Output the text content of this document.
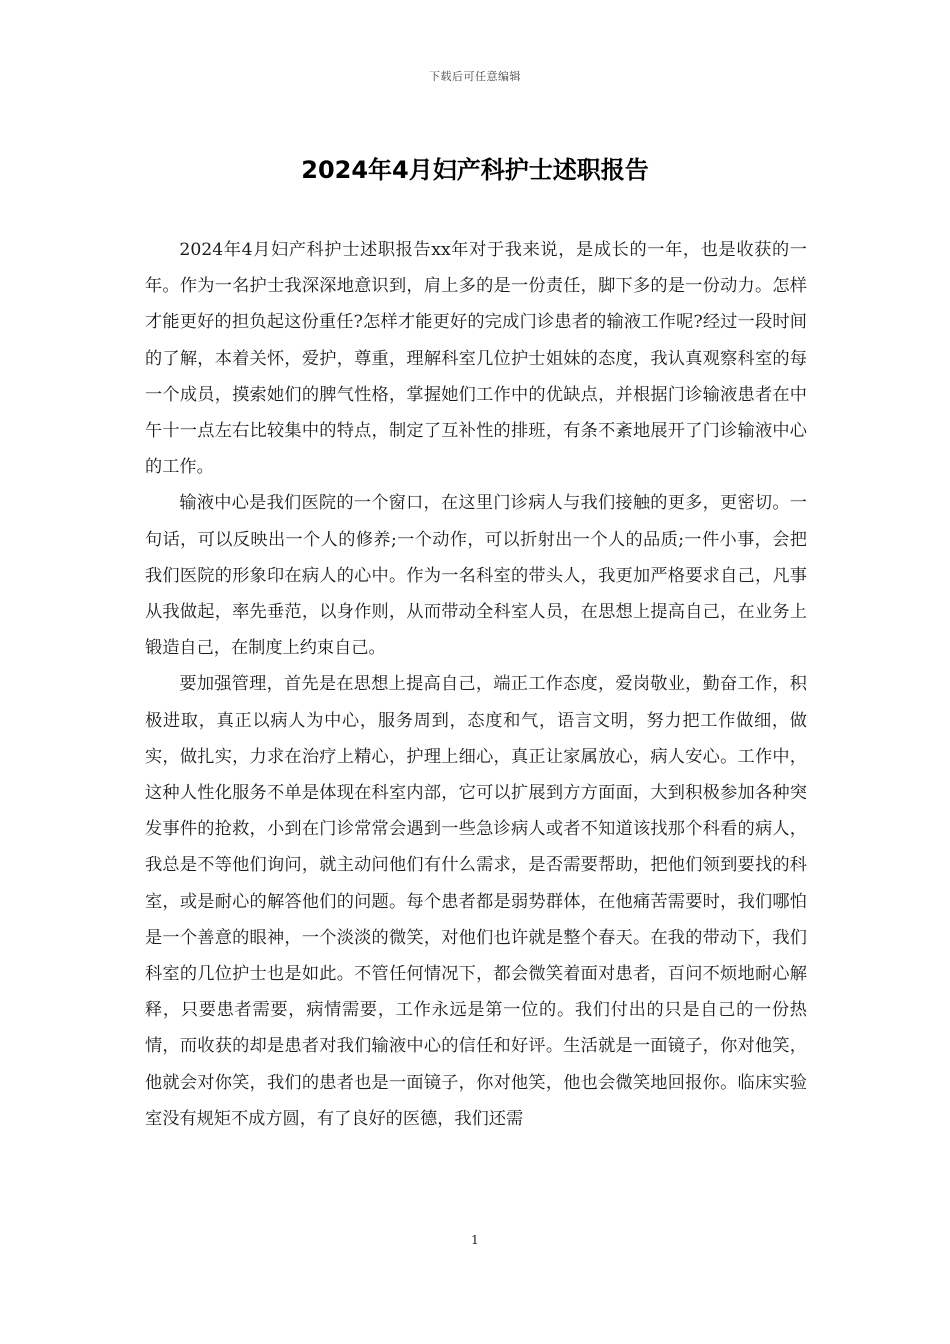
下载后可任意编辑
2024年4月妇产科护士述职报告

2024年4月妇产科护士述职报告xx年对于我来说，是成长的一年，也是收获的一年。作为一名护士我深深地意识到，肩上多的是一份责任，脚下多的是一份动力。怎样才能更好的担负起这份重任?怎样才能更好的完成门诊患者的输液工作呢?经过一段时间的了解，本着关怀，爱护，尊重，理解科室几位护士姐妹的态度，我认真观察科室的每一个成员，摸索她们的脾气性格，掌握她们工作中的优缺点，并根据门诊输液患者在中午十一点左右比较集中的特点，制定了互补性的排班，有条不紊地展开了门诊输液中心的工作。

输液中心是我们医院的一个窗口，在这里门诊病人与我们接触的更多，更密切。一句话，可以反映出一个人的修养;一个动作，可以折射出一个人的品质;一件小事，会把我们医院的形象印在病人的心中。作为一名科室的带头人，我更加严格要求自己，凡事从我做起，率先垂范，以身作则，从而带动全科室人员，在思想上提高自己，在业务上锻造自己，在制度上约束自己。

要加强管理，首先是在思想上提高自己，端正工作态度，爱岗敬业，勤奋工作，积极进取，真正以病人为中心，服务周到，态度和气，语言文明，努力把工作做细，做实，做扎实，力求在治疗上精心，护理上细心，真正让家属放心，病人安心。工作中，这种人性化服务不单是体现在科室内部，它可以扩展到方方面面，大到积极参加各种突发事件的抢救，小到在门诊常常会遇到一些急诊病人或者不知道该找那个科看的病人，我总是不等他们询问，就主动问他们有什么需求，是否需要帮助，把他们领到要找的科室，或是耐心的解答他们的问题。每个患者都是弱势群体，在他痛苦需要时，我们哪怕是一个善意的眼神，一个淡淡的微笑，对他们也许就是整个春天。在我的带动下，我们科室的几位护士也是如此。不管任何情况下，都会微笑着面对患者，百问不烦地耐心解释，只要患者需要，病情需要，工作永远是第一位的。我们付出的只是自己的一份热情，而收获的却是患者对我们输液中心的信任和好评。生活就是一面镜子，你对他笑，他就会对你笑，我们的患者也是一面镜子，你对他笑，他也会微笑地回报你。临床实验室没有规矩不成方圆，有了良好的医德，我们还需

1
